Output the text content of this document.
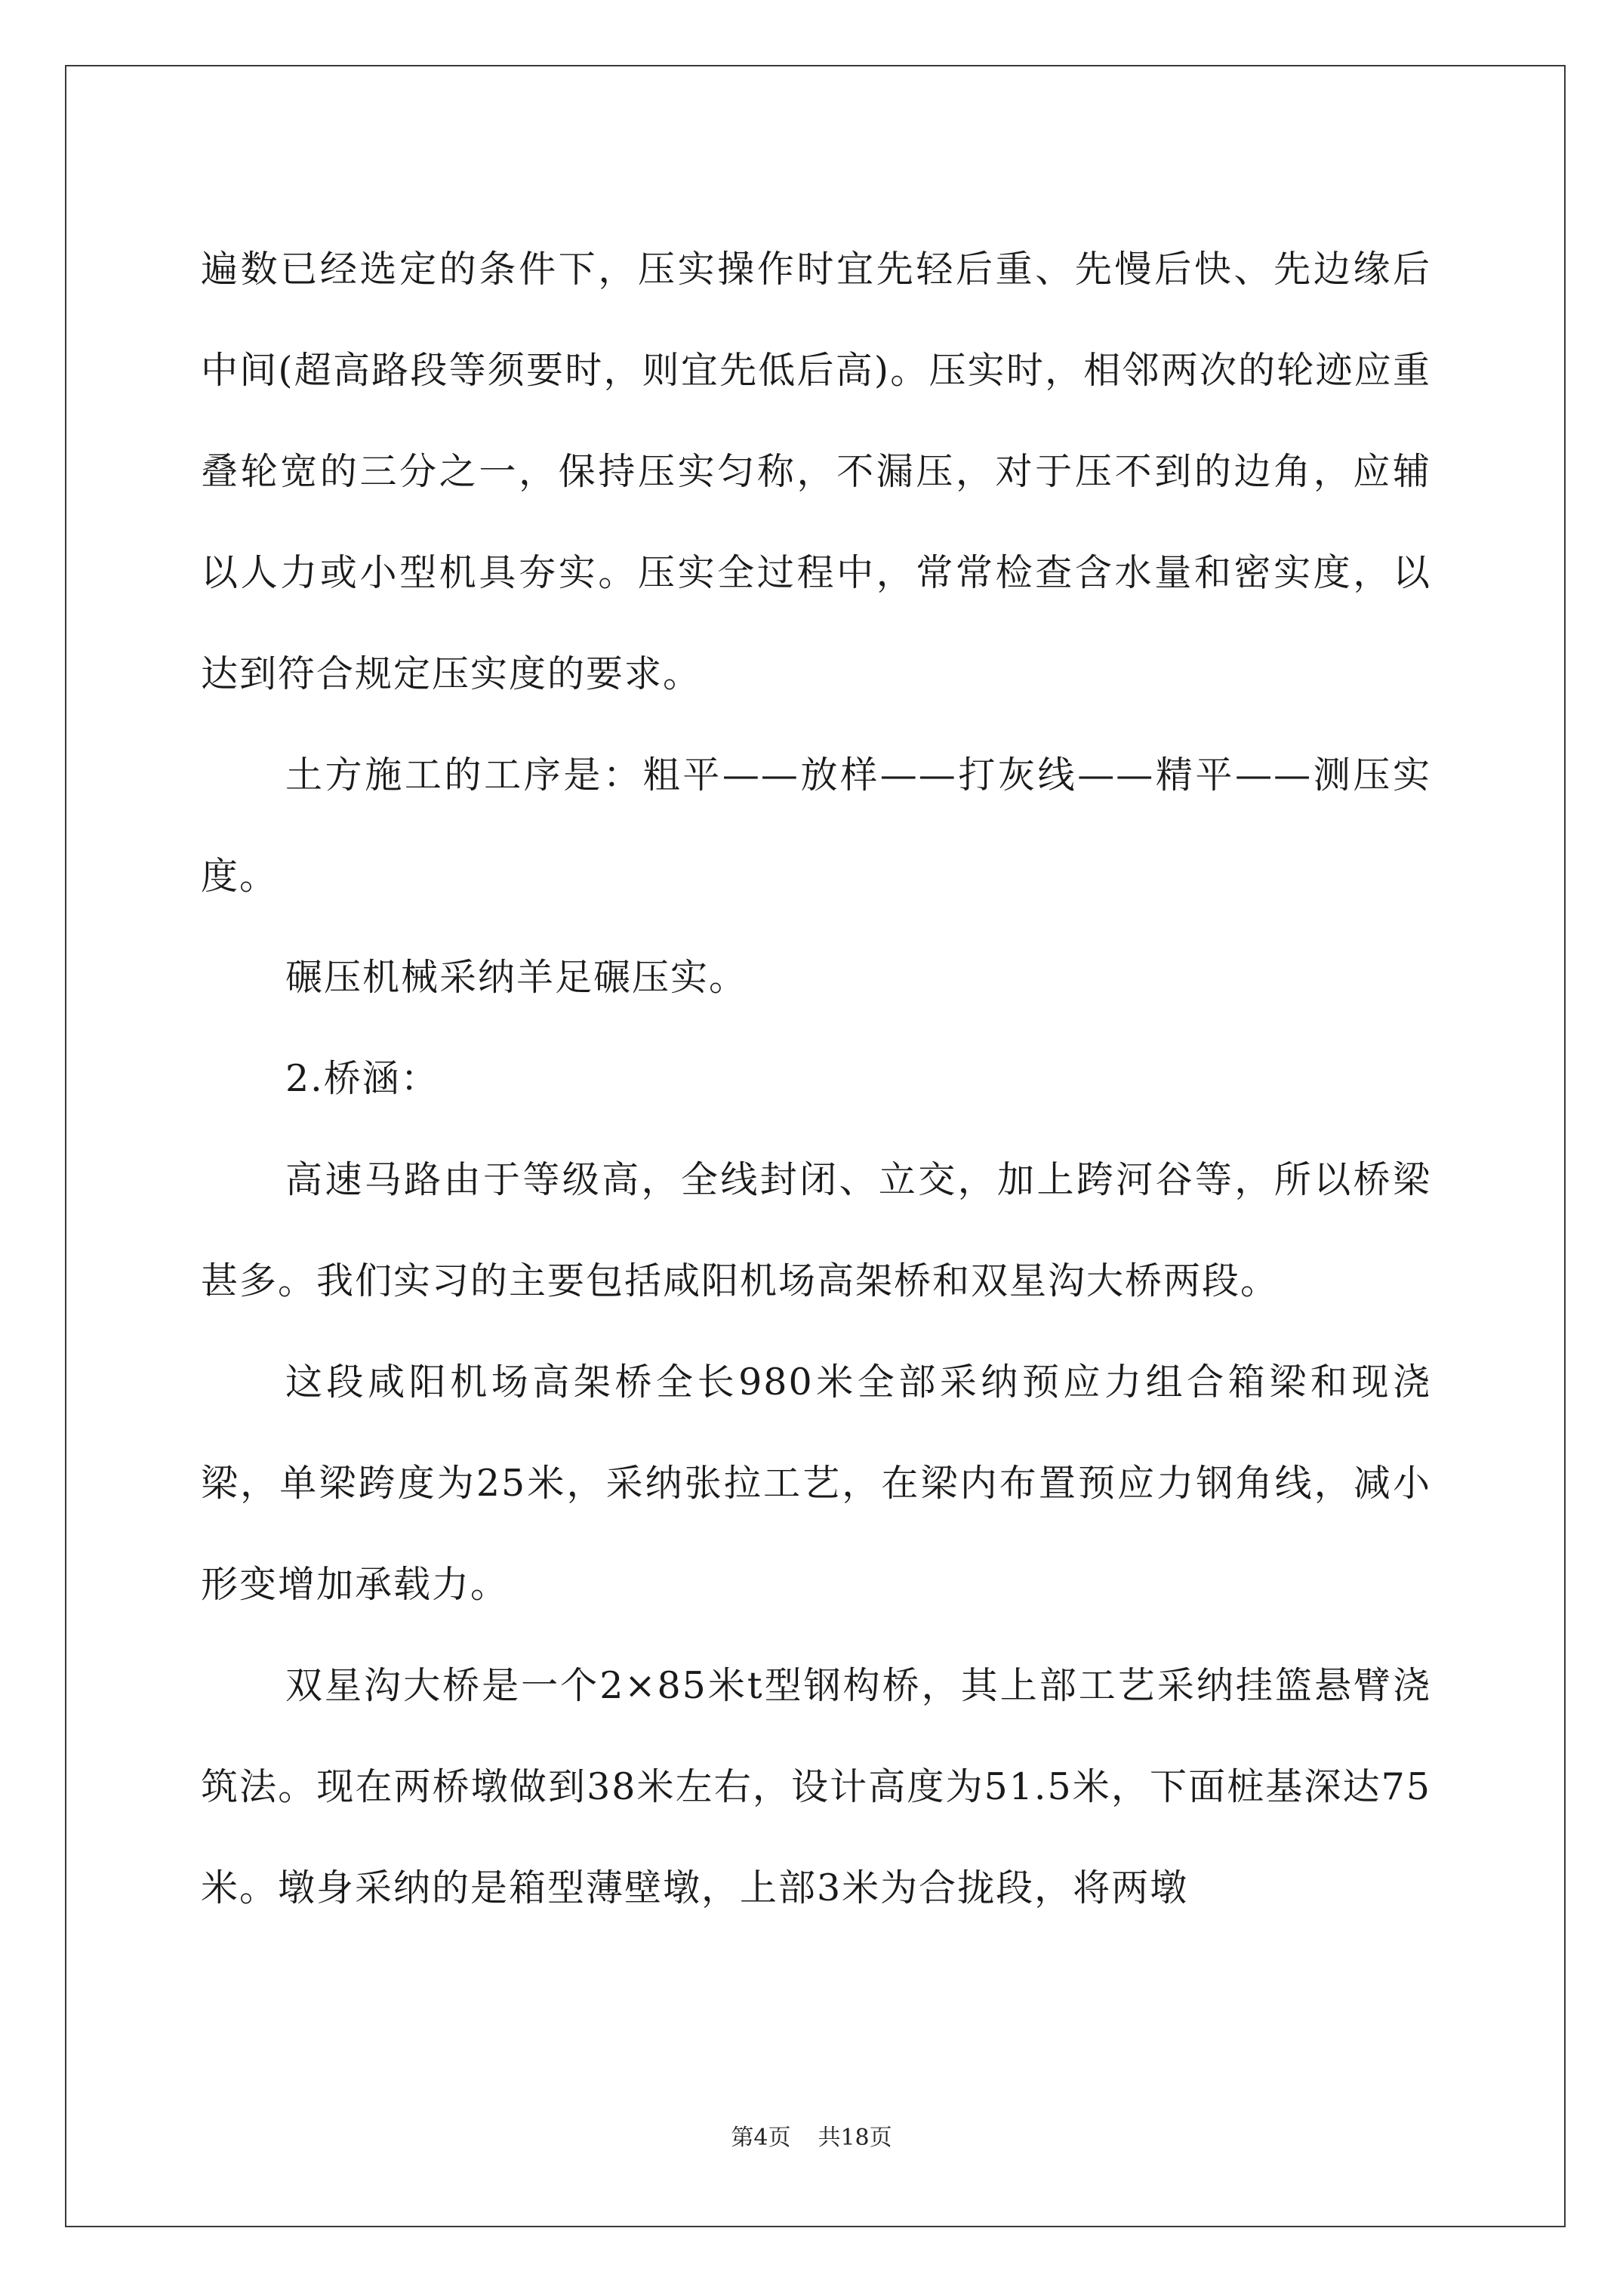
遍数已经选定的条件下，压实操作时宜先轻后重、先慢后快、先边缘后中间(超高路段等须要时，则宜先低后高)。压实时，相邻两次的轮迹应重叠轮宽的三分之一，保持压实匀称，不漏压，对于压不到的边角，应辅以人力或小型机具夯实。压实全过程中，常常检查含水量和密实度，以达到符合规定压实度的要求。

土方施工的工序是：粗平——放样——打灰线——精平——测压实度。

碾压机械采纳羊足碾压实。

2.桥涵：

高速马路由于等级高，全线封闭、立交，加上跨河谷等，所以桥梁甚多。我们实习的主要包括咸阳机场高架桥和双星沟大桥两段。

这段咸阳机场高架桥全长980米全部采纳预应力组合箱梁和现浇梁，单梁跨度为25米，采纳张拉工艺，在梁内布置预应力钢角线，减小形变增加承载力。

双星沟大桥是一个2×85米t型钢构桥，其上部工艺采纳挂篮悬臂浇筑法。现在两桥墩做到38米左右，设计高度为51.5米，下面桩基深达75米。墩身采纳的是箱型薄壁墩，上部3米为合拢段，将两墩

第4页 共18页
